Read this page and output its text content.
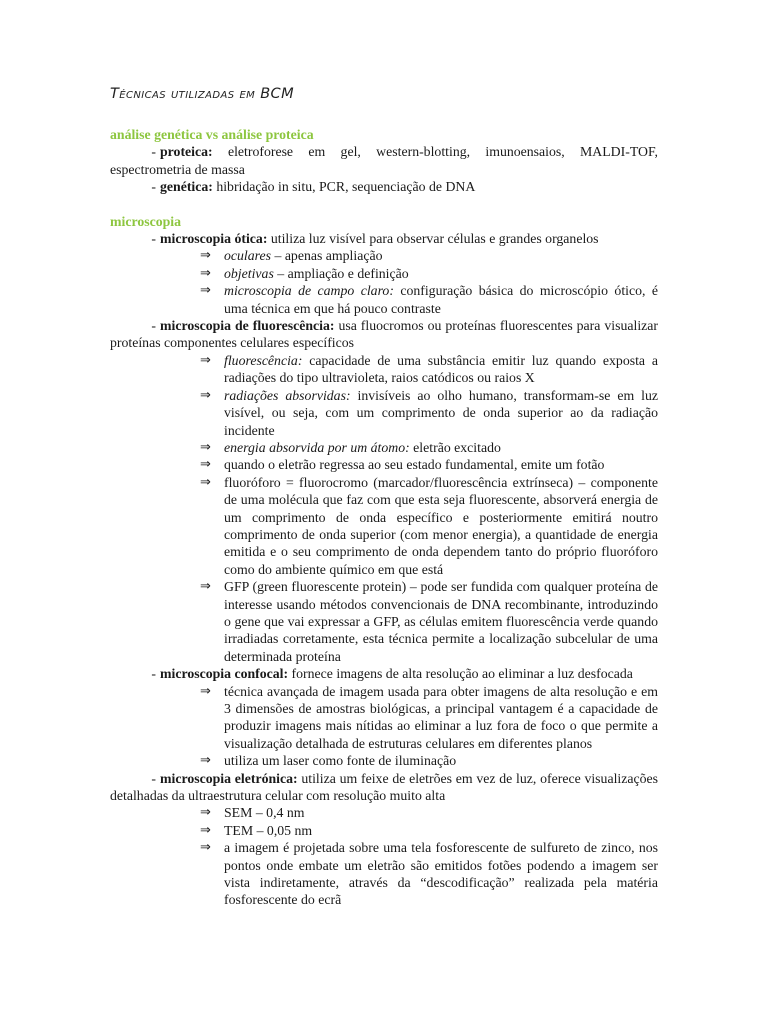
Técnicas utilizadas em BCM
análise genética vs análise proteica
- proteica: eletroforese em gel, western-blotting, imunoensaios, MALDI-TOF, espectrometria de massa
- genética: hibridação in situ, PCR, sequenciação de DNA
microscopia
- microscopia ótica: utiliza luz visível para observar células e grandes organelos
⇒ oculares – apenas ampliação
⇒ objetivas – ampliação e definição
⇒ microscopia de campo claro: configuração básica do microscópio ótico, é uma técnica em que há pouco contraste
- microscopia de fluorescência: usa fluocromos ou proteínas fluorescentes para visualizar proteínas componentes celulares específicos
⇒ fluorescência: capacidade de uma substância emitir luz quando exposta a radiações do tipo ultravioleta, raios catódicos ou raios X
⇒ radiações absorvidas: invisíveis ao olho humano, transformam-se em luz visível, ou seja, com um comprimento de onda superior ao da radiação incidente
⇒ energia absorvida por um átomo: eletrão excitado
⇒ quando o eletrão regressa ao seu estado fundamental, emite um fotão
⇒ fluoróforo = fluorocromo (marcador/fluorescência extrínseca) – componente de uma molécula que faz com que esta seja fluorescente, absorverá energia de um comprimento de onda específico e posteriormente emitirá noutro comprimento de onda superior (com menor energia), a quantidade de energia emitida e o seu comprimento de onda dependem tanto do próprio fluoróforo como do ambiente químico em que está
⇒ GFP (green fluorescente protein) – pode ser fundida com qualquer proteína de interesse usando métodos convencionais de DNA recombinante, introduzindo o gene que vai expressar a GFP, as células emitem fluorescência verde quando irradiadas corretamente, esta técnica permite a localização subcelular de uma determinada proteína
- microscopia confocal: fornece imagens de alta resolução ao eliminar a luz desfocada
⇒ técnica avançada de imagem usada para obter imagens de alta resolução e em 3 dimensões de amostras biológicas, a principal vantagem é a capacidade de produzir imagens mais nítidas ao eliminar a luz fora de foco o que permite a visualização detalhada de estruturas celulares em diferentes planos
⇒ utiliza um laser como fonte de iluminação
- microscopia eletrónica: utiliza um feixe de eletrões em vez de luz, oferece visualizações detalhadas da ultraestrutura celular com resolução muito alta
⇒ SEM – 0,4 nm
⇒ TEM – 0,05 nm
⇒ a imagem é projetada sobre uma tela fosforescente de sulfureto de zinco, nos pontos onde embate um eletrão são emitidos fotões podendo a imagem ser vista indiretamente, através da “descodificação” realizada pela matéria fosforescente do ecrã
